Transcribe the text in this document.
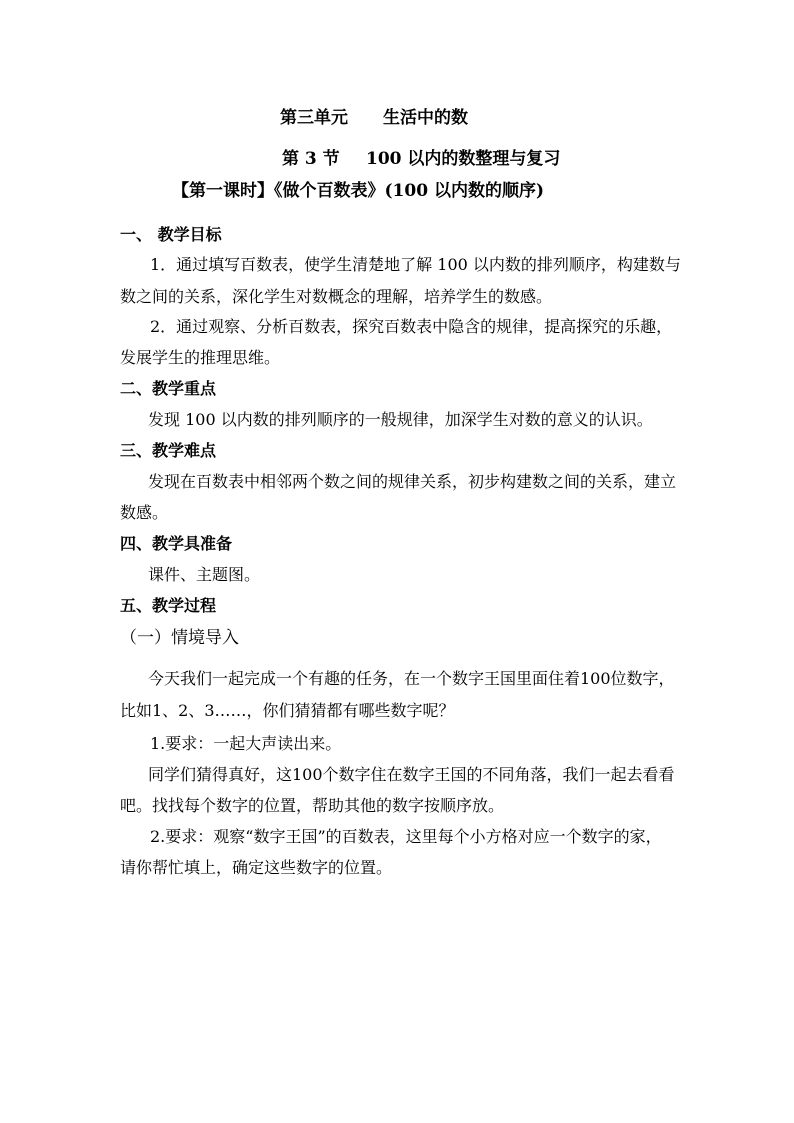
第三单元 生活中的数
第 3 节 100 以内的数整理与复习
【第一课时】《做个百数表》(100 以内数的顺序)
一、 教学目标
1．通过填写百数表，使学生清楚地了解 100 以内数的排列顺序，构建数与
数之间的关系，深化学生对数概念的理解，培养学生的数感。
2．通过观察、分析百数表，探究百数表中隐含的规律，提高探究的乐趣，
发展学生的推理思维。
二、教学重点
发现 100 以内数的排列顺序的一般规律，加深学生对数的意义的认识。
三、教学难点
发现在百数表中相邻两个数之间的规律关系，初步构建数之间的关系，建立
数感。
四、教学具准备
课件、主题图。
五、教学过程
（一）情境导入
今天我们一起完成一个有趣的任务，在一个数字王国里面住着100位数字，
比如1、2、3……，你们猜猜都有哪些数字呢？
1.要求：一起大声读出来。
同学们猜得真好，这100个数字住在数字王国的不同角落，我们一起去看看
吧。找找每个数字的位置，帮助其他的数字按顺序放。
2.要求：观察“数字王国”的百数表，这里每个小方格对应一个数字的家，
请你帮忙填上，确定这些数字的位置。
